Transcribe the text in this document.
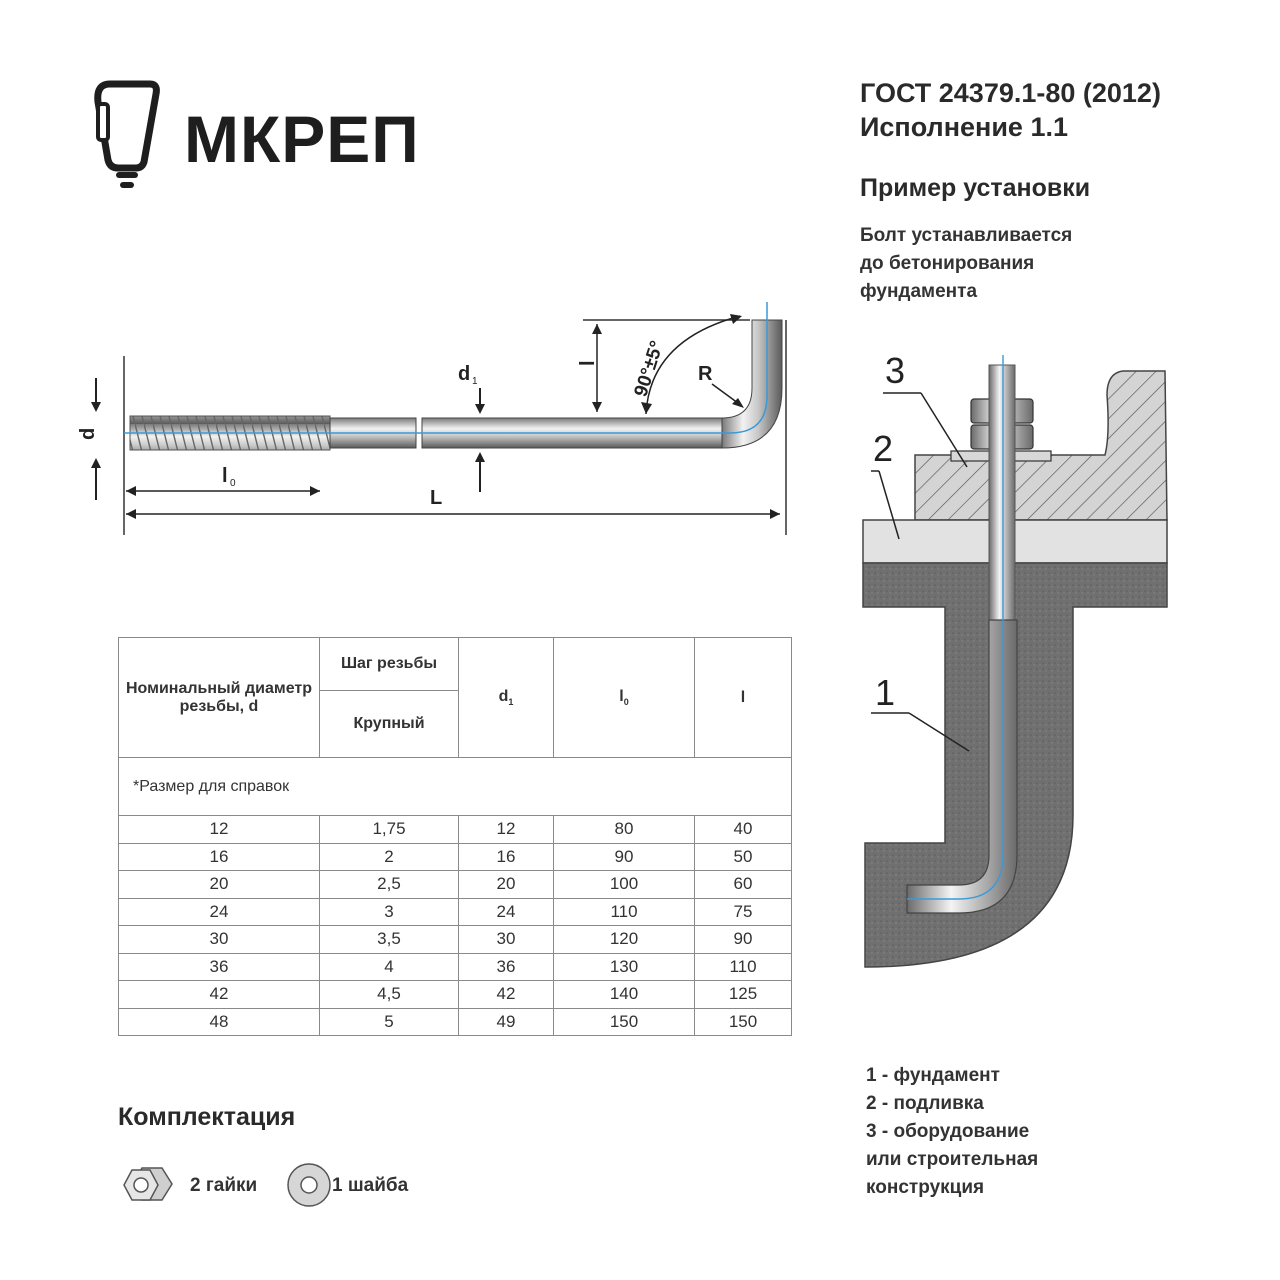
МКРЕП
ГОСТ 24379.1-80 (2012)
Исполнение 1.1
Пример установки
Болт устанавливается
до бетонирования
фундамента
d
l 0
L
d 1
l 90°±5° R	3
2
1
Номинальный диаметр резьбы, d	Шаг резьбы	$d_1$	$l_0$	l
	Крупный			
*Размер для справок				
12	1,75	12	80	40
16	2	16	90	50
20	2,5	20	100	60
24	3	24	110	75
30	3,5	30	120	90
36	4	36	130	110
42	4,5	42	140	125
48	5	49	150	150
1 - фундамент
2 - подливка
3 - оборудование
или строительная
конструкция
Комплектация
2 гайки	1 шайба
